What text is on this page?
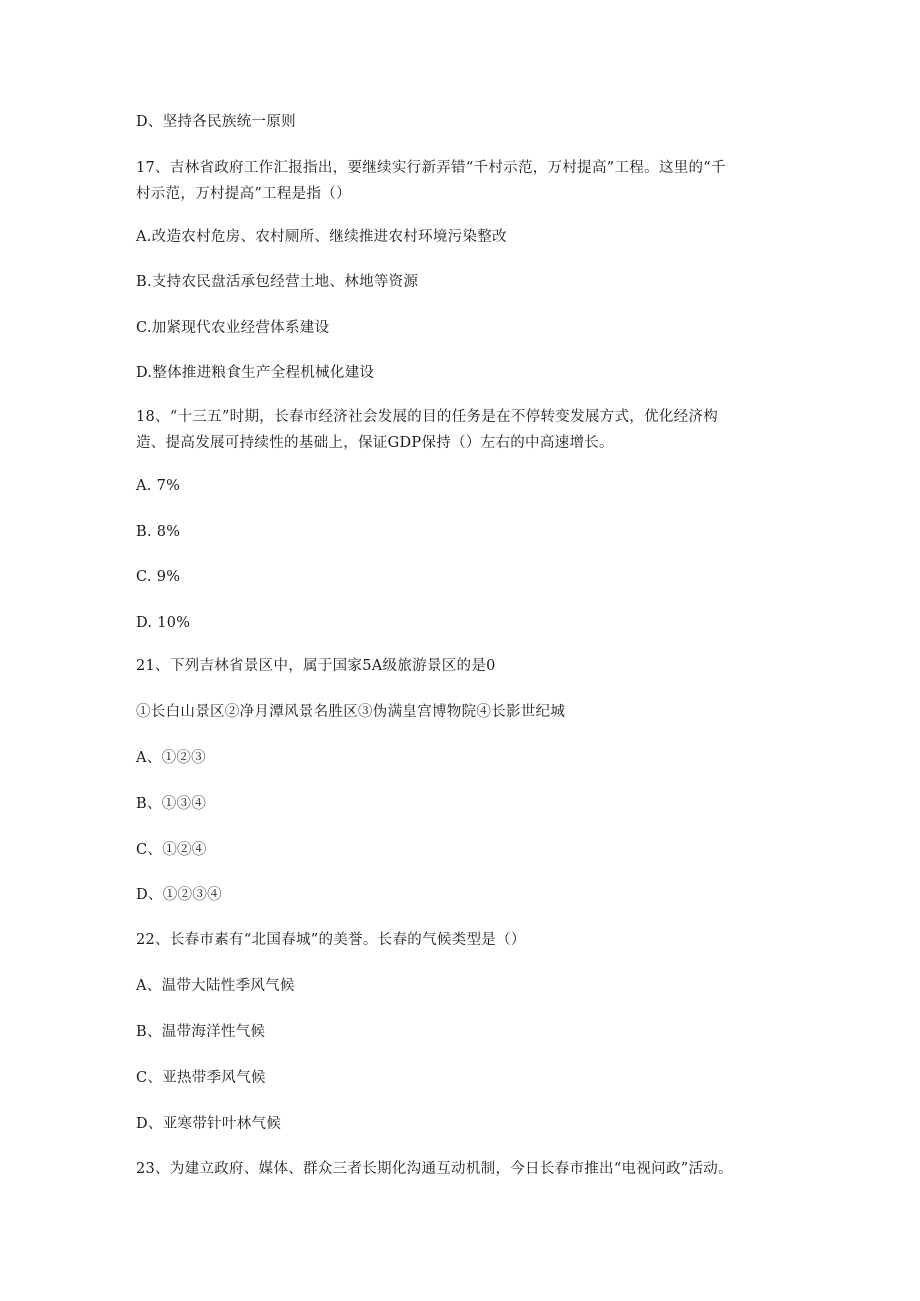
D、坚持各民族统一原则
17、吉林省政府工作汇报指出，要继续实行新弄错“千村示范，万村提高”工程。这里的“千
村示范，万村提高”工程是指（）
A.改造农村危房、农村厕所、继续推进农村环境污染整改
B.支持农民盘活承包经营土地、林地等资源
C.加紧现代农业经营体系建设
D.整体推进粮食生产全程机械化建设
18、“十三五”时期，长春市经济社会发展的目的任务是在不停转变发展方式，优化经济构
造、提高发展可持续性的基础上，保证GDP保持（）左右的中高速增长。
A. 7%
B. 8%
C. 9%
D. 10%
21、下列吉林省景区中，属于国家5A级旅游景区的是0
①长白山景区②净月潭风景名胜区③伪满皇宫博物院④长影世纪城
A、①②③
B、①③④
C、①②④
D、①②③④
22、长春市素有“北国春城”的美誉。长春的气候类型是（）
A、温带大陆性季风气候
B、温带海洋性气候
C、亚热带季风气候
D、亚寒带针叶林气候
23、为建立政府、媒体、群众三者长期化沟通互动机制，今日长春市推出“电视问政”活动。
